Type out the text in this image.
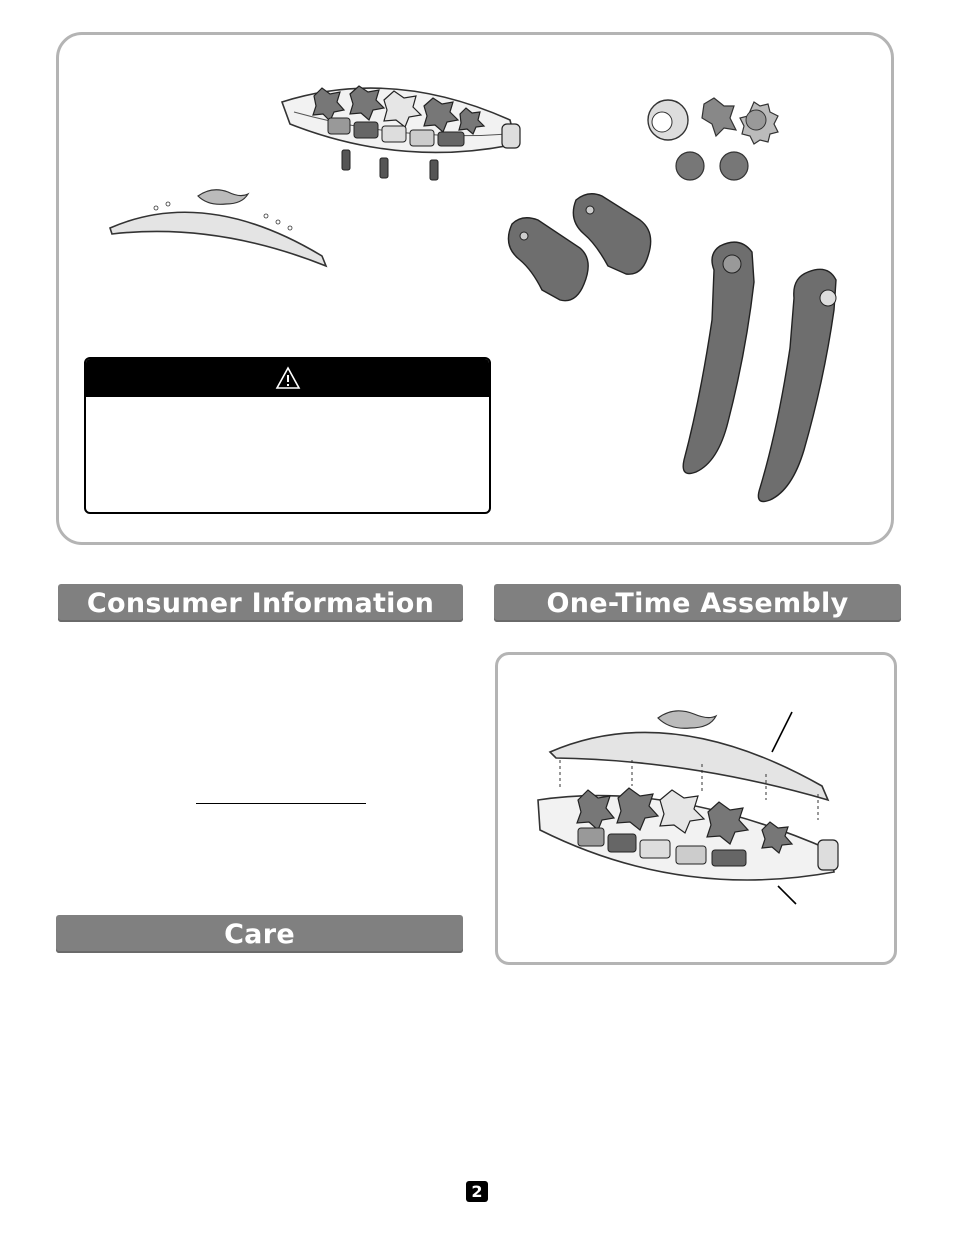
Consumer Information	One-Time Assembly
Care
2
